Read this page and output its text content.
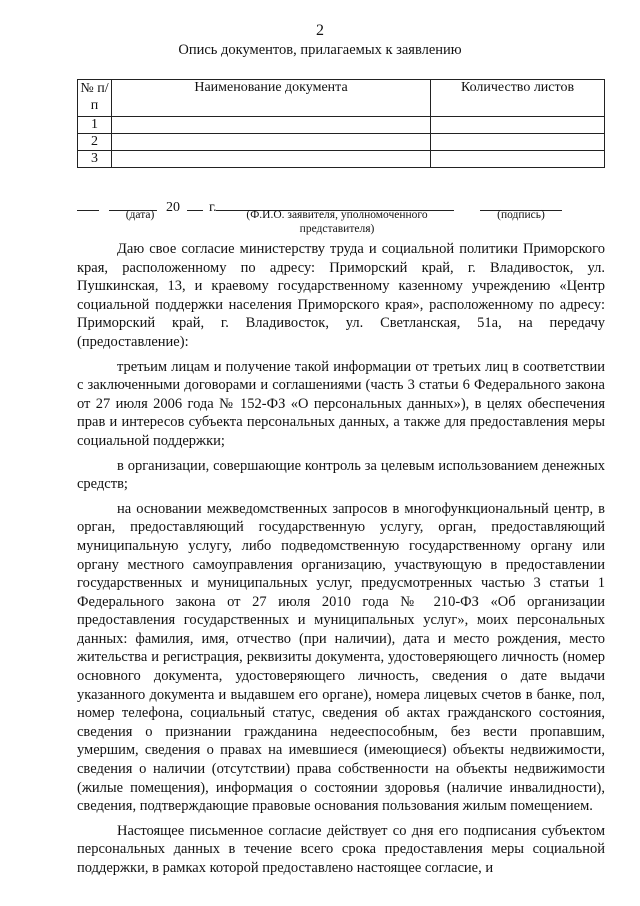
2
Опись документов, прилагаемых к заявлению
№ п/п	Наименование документа	Количество листов
1		
2		
3		
20 г.
(дата)	(Ф.И.О. заявителя, уполномоченного представителя)
(подпись)

Даю свое согласие министерству труда и социальной политики Приморского края, расположенному по адресу: Приморский край, г. Владивосток, ул. Пушкинская, 13, и краевому государственному казенному учреждению «Центр социальной поддержки населения Приморского края», расположенному по адресу: Приморский край, г. Владивосток, ул. Светланская, 51а, на передачу (предоставление):

третьим лицам и получение такой информации от третьих лиц в соответствии с заключенными договорами и соглашениями (часть 3 статьи 6 Федерального закона от 27 июля 2006 года № 152-ФЗ «О персональных данных»), в целях обеспечения прав и интересов субъекта персональных данных, а также для предоставления меры социальной поддержки;

в организации, совершающие контроль за целевым использованием денежных средств;

на основании межведомственных запросов в многофункциональный центр, в орган, предоставляющий государственную услугу, орган, предоставляющий муниципальную услугу, либо подведомственную государственному органу или органу местного самоуправления организацию, участвующую в предоставлении государственных и муниципальных услуг, предусмотренных частью 3 статьи 1 Федерального закона от 27 июля 2010 года № 210-ФЗ «Об организации предоставления государственных и муниципальных услуг», моих персональных данных: фамилия, имя, отчество (при наличии), дата и место рождения, место жительства и регистрация, реквизиты документа, удостоверяющего личность (номер основного документа, удостоверяющего личность, сведения о дате выдачи указанного документа и выдавшем его органе), номера лицевых счетов в банке, пол, номер телефона, социальный статус, сведения об актах гражданского состояния, сведения о признании гражданина недееспособным, без вести пропавшим, умершим, сведения о правах на имевшиеся (имеющиеся) объекты недвижимости, сведения о наличии (отсутствии) права собственности на объекты недвижимости (жилые помещения), информация о состоянии здоровья (наличие инвалидности), сведения, подтверждающие правовые основания пользования жилым помещением.

Настоящее письменное согласие действует со дня его подписания субъектом персональных данных в течение всего срока предоставления меры социальной поддержки, в рамках которой предоставлено настоящее согласие, и
